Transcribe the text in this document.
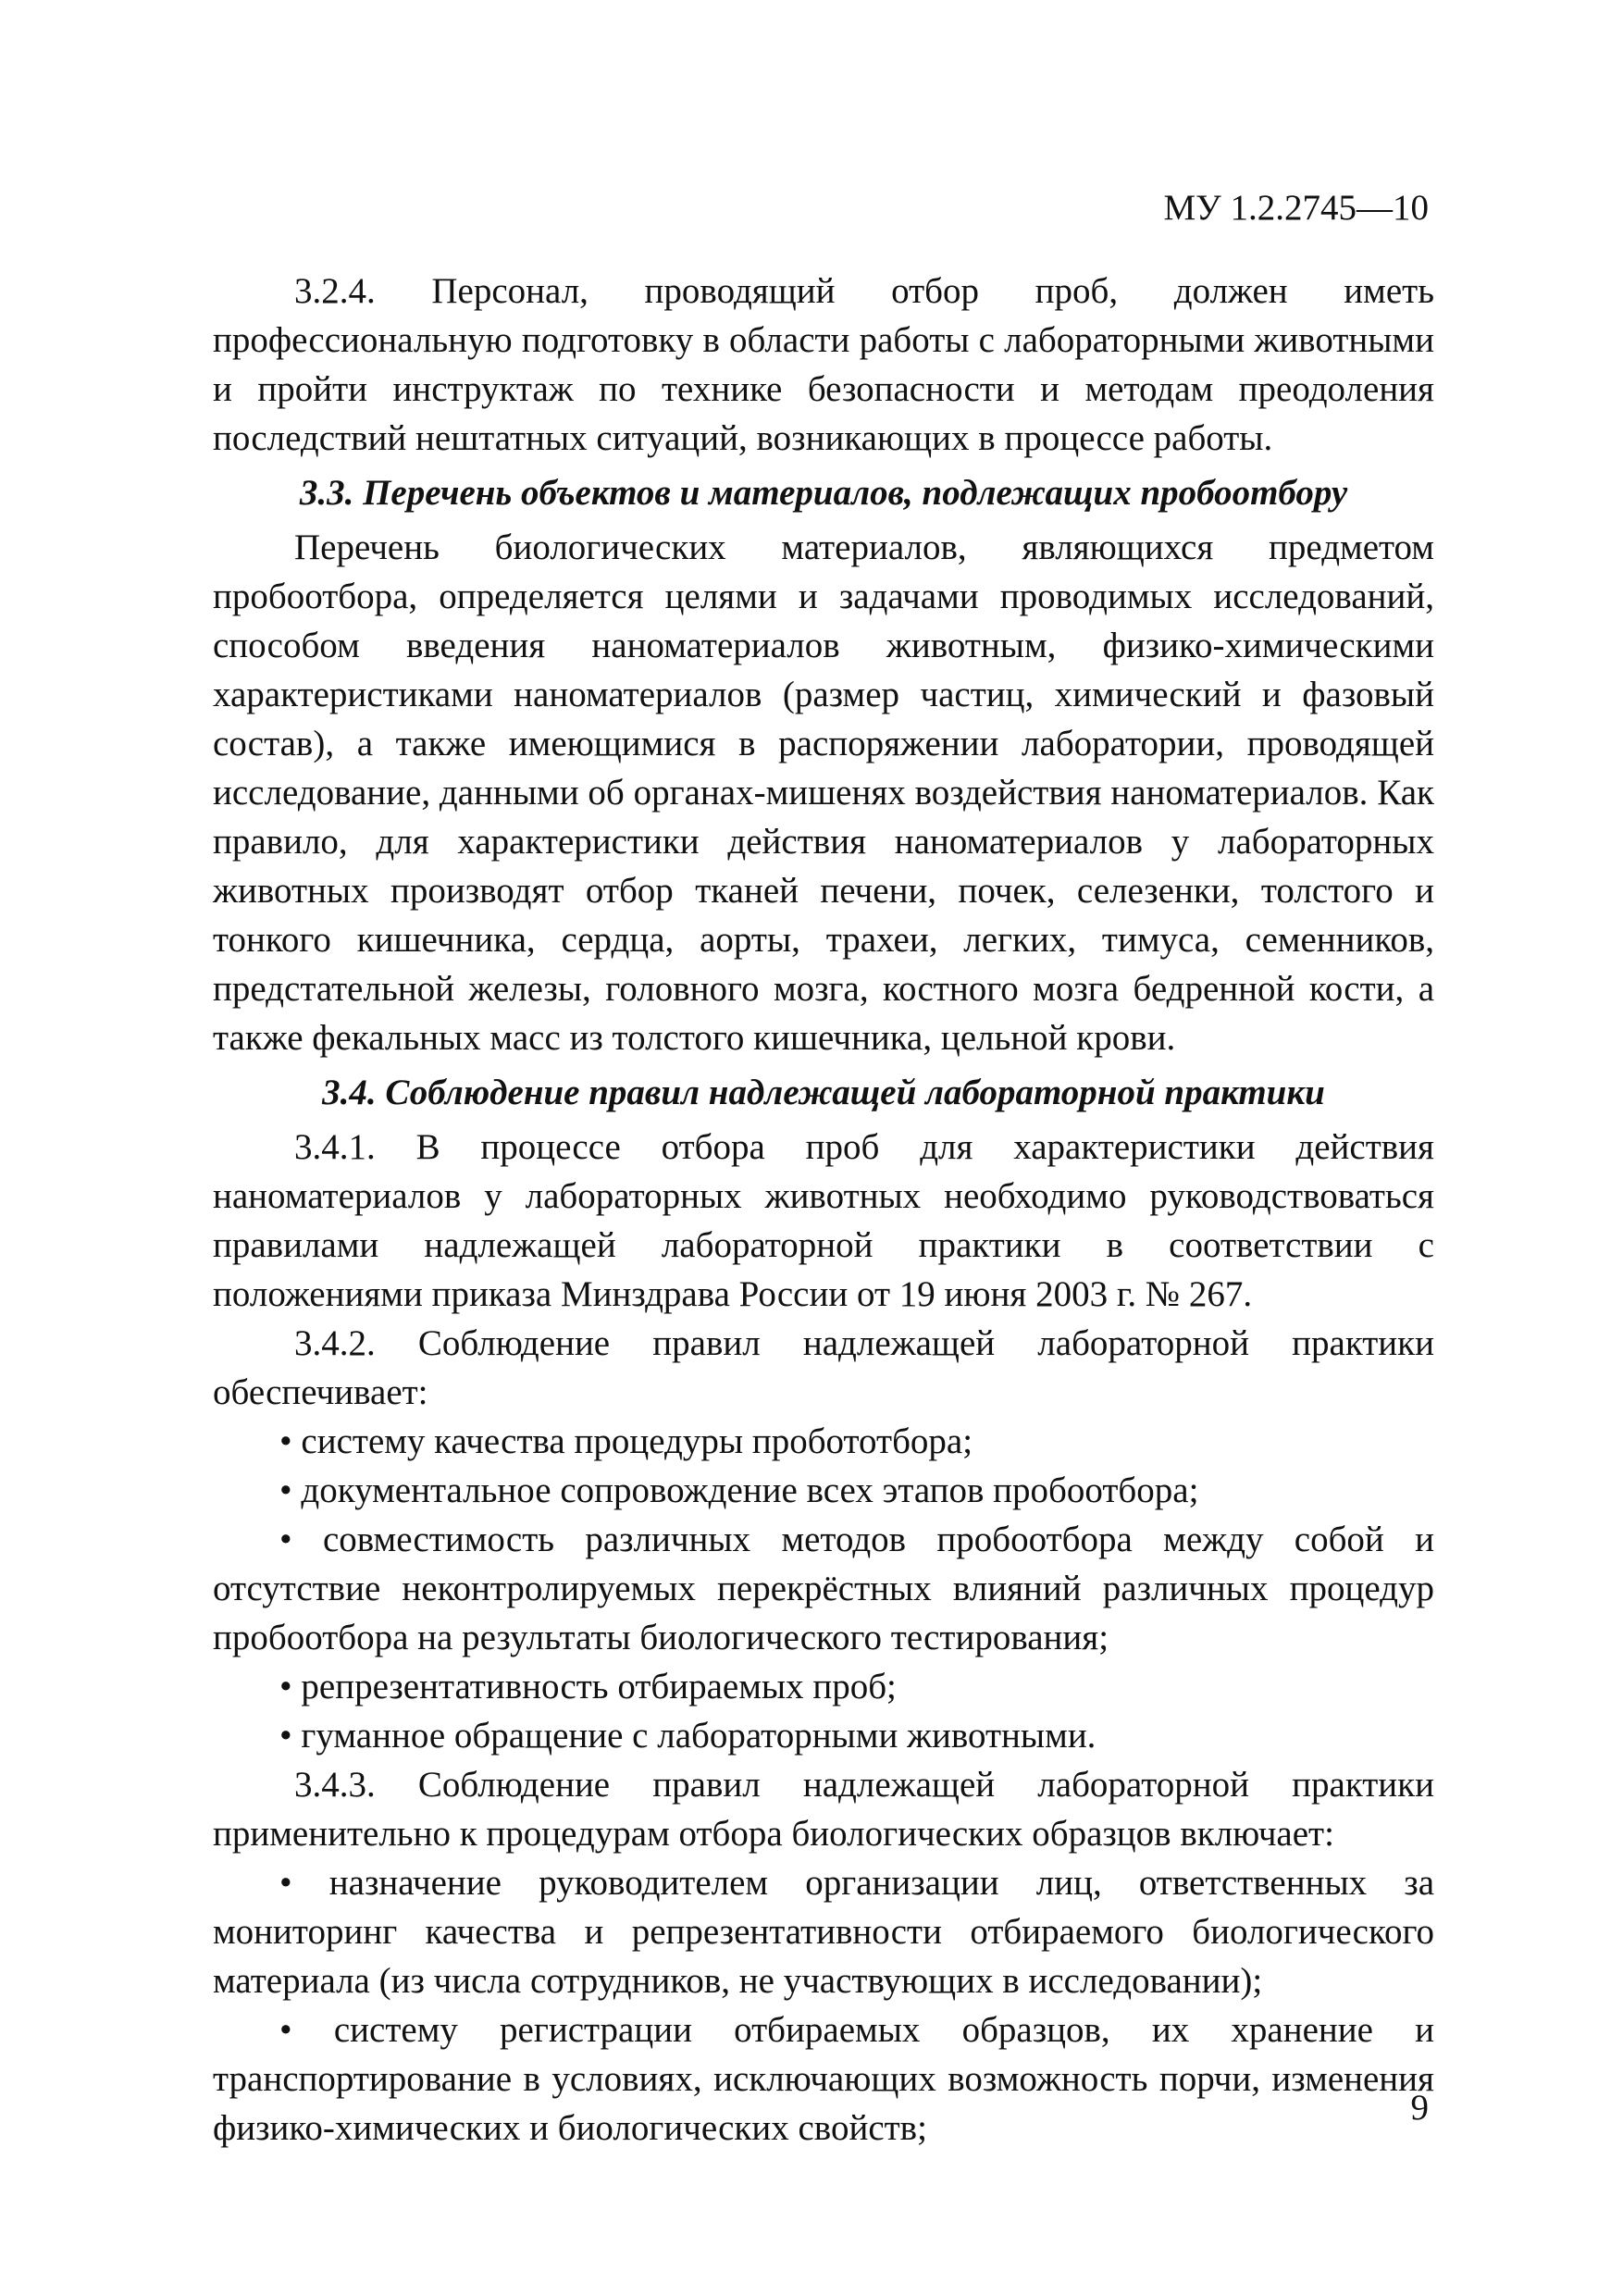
МУ 1.2.2745—10

3.2.4. Персонал, проводящий отбор проб, должен иметь профессиональную подготовку в области работы с лабораторными животными и пройти инструктаж по технике безопасности и методам преодоления последствий нештатных ситуаций, возникающих в процессе работы.

3.3. Перечень объектов и материалов, подлежащих пробоотбору

Перечень биологических материалов, являющихся предметом пробоотбора, определяется целями и задачами проводимых исследований, способом введения наноматериалов животным, физико-химическими характеристиками наноматериалов (размер частиц, химический и фазовый состав), а также имеющимися в распоряжении лаборатории, проводящей исследование, данными об органах-мишенях воздействия наноматериалов. Как правило, для характеристики действия наноматериалов у лабораторных животных производят отбор тканей печени, почек, селезенки, толстого и тонкого кишечника, сердца, аорты, трахеи, легких, тимуса, семенников, предстательной железы, головного мозга, костного мозга бедренной кости, а также фекальных масс из толстого кишечника, цельной крови.

3.4. Соблюдение правил надлежащей лабораторной практики

3.4.1. В процессе отбора проб для характеристики действия наноматериалов у лабораторных животных необходимо руководствоваться правилами надлежащей лабораторной практики в соответствии с положениями приказа Минздрава России от 19 июня 2003 г. № 267.

3.4.2. Соблюдение правил надлежащей лабораторной практики обеспечивает:

• систему качества процедуры пробототбора;
• документальное сопровождение всех этапов пробоотбора;
• совместимость различных методов пробоотбора между собой и отсутствие неконтролируемых перекрёстных влияний различных процедур пробоотбора на результаты биологического тестирования;
• репрезентативность отбираемых проб;
• гуманное обращение с лабораторными животными.

3.4.3. Соблюдение правил надлежащей лабораторной практики применительно к процедурам отбора биологических образцов включает:

• назначение руководителем организации лиц, ответственных за мониторинг качества и репрезентативности отбираемого биологического материала (из числа сотрудников, не участвующих в исследовании);
• систему регистрации отбираемых образцов, их хранение и транспортирование в условиях, исключающих возможность порчи, изменения физико-химических и биологических свойств;
9
